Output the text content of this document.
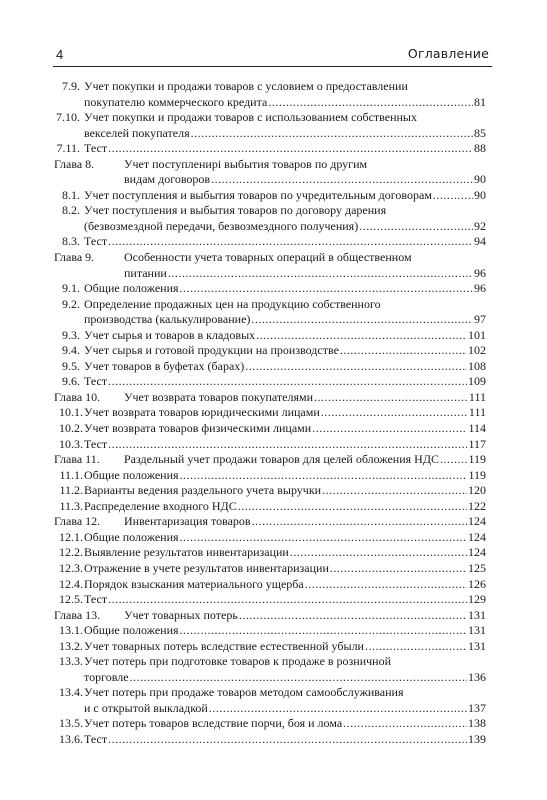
4	Оглавление
7.9. Учет покупки и продажи товаров с условием о предоставлении
покупателю коммерческого кредита .....	81
7.10. Учет покупки и продажи товаров с использованием собственных
векселей покупателя .....	85
7.11. Тест .....	88
Глава 8. Учет поступлениpi выбытия товаров по другим
видам договоров .....	90
8.1. Учет поступления и выбытия товаров по учредительным договорам .....	90
8.2. Учет поступления и выбытия товаров по договору дарения
(безвозмездной передачи, безвозмездного получения) .....	92
8.3. Тест .....	94
Глава 9. Особенности учета товарных операций в общественном
питании .....	96
9.1. Общие положения .....	96
9.2. Определение продажных цен на продукцию собственного
производства (калькулирование) .....	97
9.3. Учет сырья и товаров в кладовых .....	101
9.4. Учет сырья и готовой продукции на производстве .....	102
9.5. Учет товаров в буфетах (барах) .....	108
9.6. Тест .....	109
Глава 10. Учет возврата товаров покупателями .....	111
10.1. Учет возврата товаров юридическими лицами .....	111
10.2. Учет возврата товаров физическими лицами .....	114
10.3. Тест .....	117
Глава 11. Раздельный учет продажи товаров для целей обложения НДС ..... 119
11.1. Общие положения .....	119
11.2. Варианты ведения раздельного учета выручки .....	120
11.3. Распределение входного НДС .....	122
Глава 12. Инвентаризация товаров .....	124
12.1. Общие положения .....	124
12.2. Выявление результатов инвентаризации .....	124
12.3. Отражение в учете результатов инвентаризации .....	125
12.4. Порядок взыскания материального ущерба .....	126
12.5. Тест .....	129
Глава 13. Учет товарных потерь .....	131
13.1. Общие положения .....	131
13.2. Учет товарных потерь вследствие естественной убыли .....	131
13.3. Учет потерь при подготовке товаров к продаже в розничной
торговле .....	136
13.4. Учет потерь при продаже товаров методом самообслуживания
и с открытой выкладкой .....	137
13.5. Учет потерь товаров вследствие порчи, боя и лома .....	138
13.6. Тест .....	139
